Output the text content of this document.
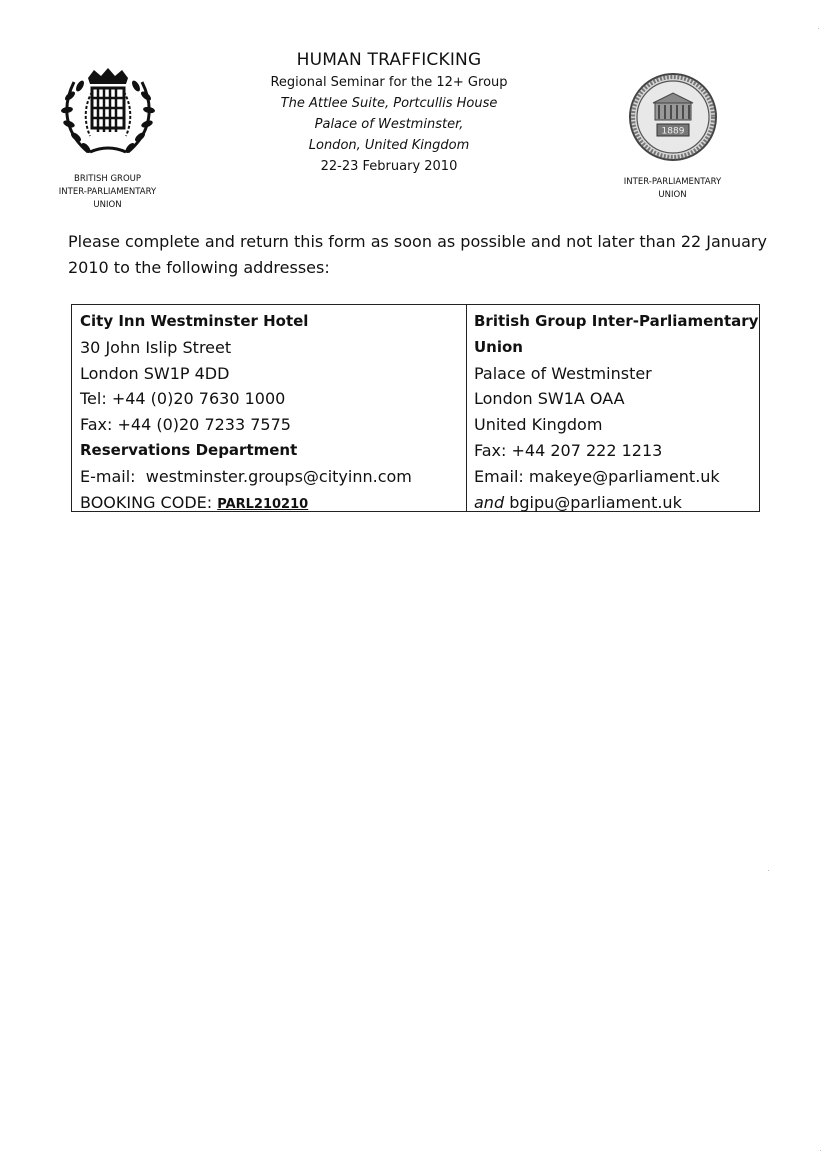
BRITISH GROUP
INTER-PARLIAMENTARY
UNION
1889
INTER-PARLIAMENTARY
UNION
HUMAN TRAFFICKING
Regional Seminar for the 12+ Group
The Attlee Suite, Portcullis House
Palace of Westminster,
London, United Kingdom
22-23 February 2010
Please complete and return this form as soon as possible and not later than 22 January 2010 to the following addresses:
City Inn Westminster Hotel
30 John Islip Street
London SW1P 4DD
Tel: +44 (0)20 7630 1000
Fax: +44 (0)20 7233 7575
Reservations Department
E-mail: westminster.groups@cityinn.com
BOOKING CODE: PARL210210
British Group Inter-Parliamentary
Union
Palace of Westminster
London SW1A OAA
United Kingdom
Fax: +44 207 222 1213
Email: makeye@parliament.uk
and bgipu@parliament.uk
